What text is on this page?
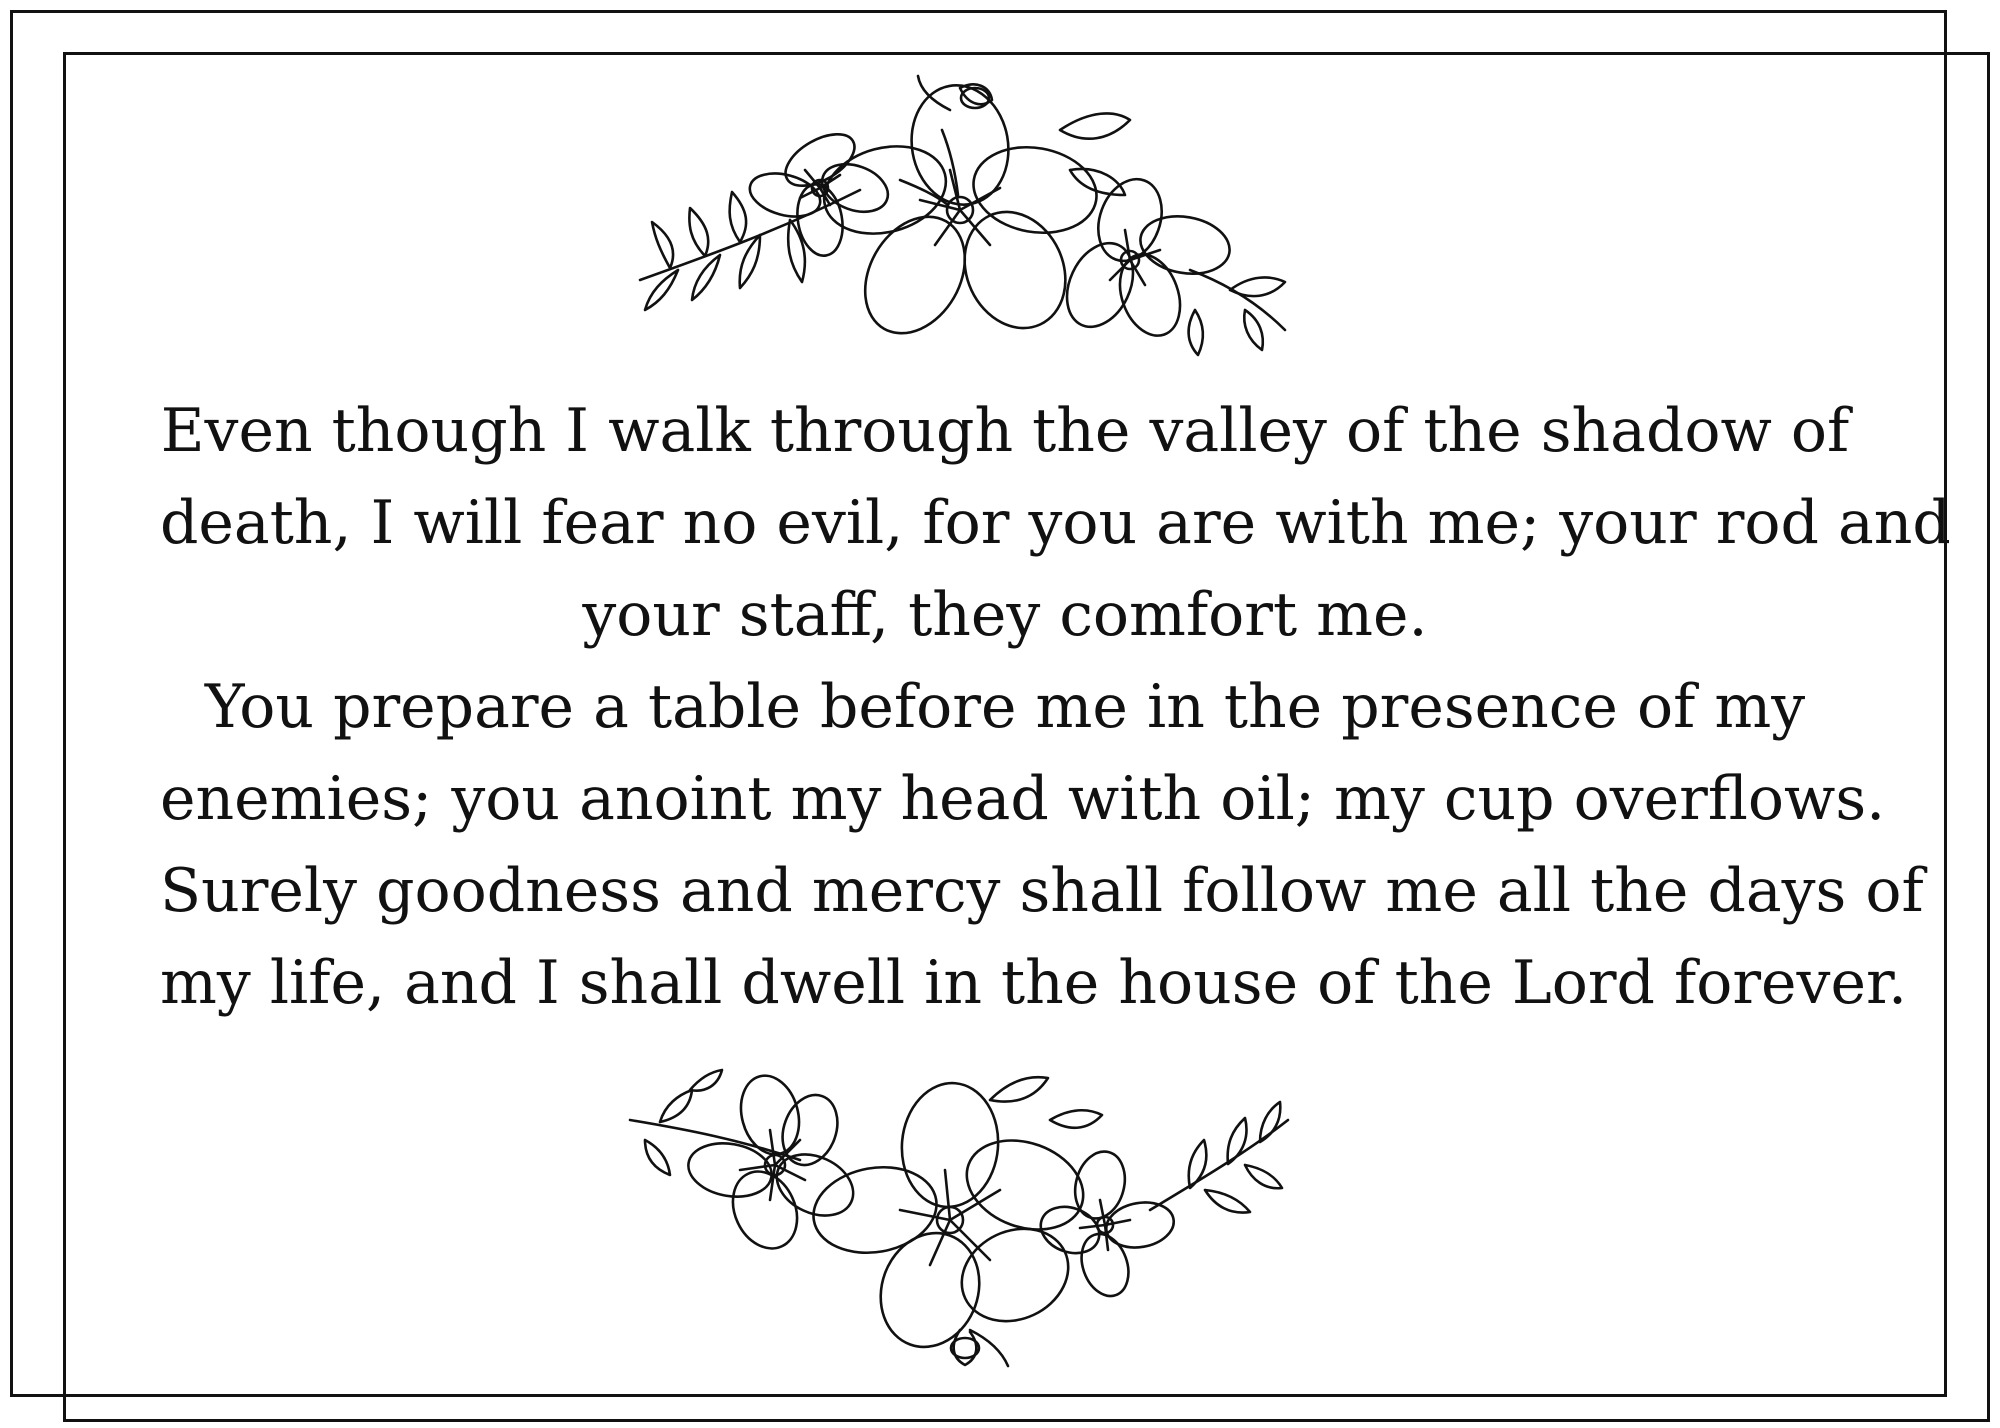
Even though I walk through the valley of the shadow of
death, I will fear no evil, for you are with me; your rod and
your staff, they comfort me.
You prepare a table before me in the presence of my
enemies; you anoint my head with oil; my cup overflows.
Surely goodness and mercy shall follow me all the days of
my life, and I shall dwell in the house of the Lord forever.
